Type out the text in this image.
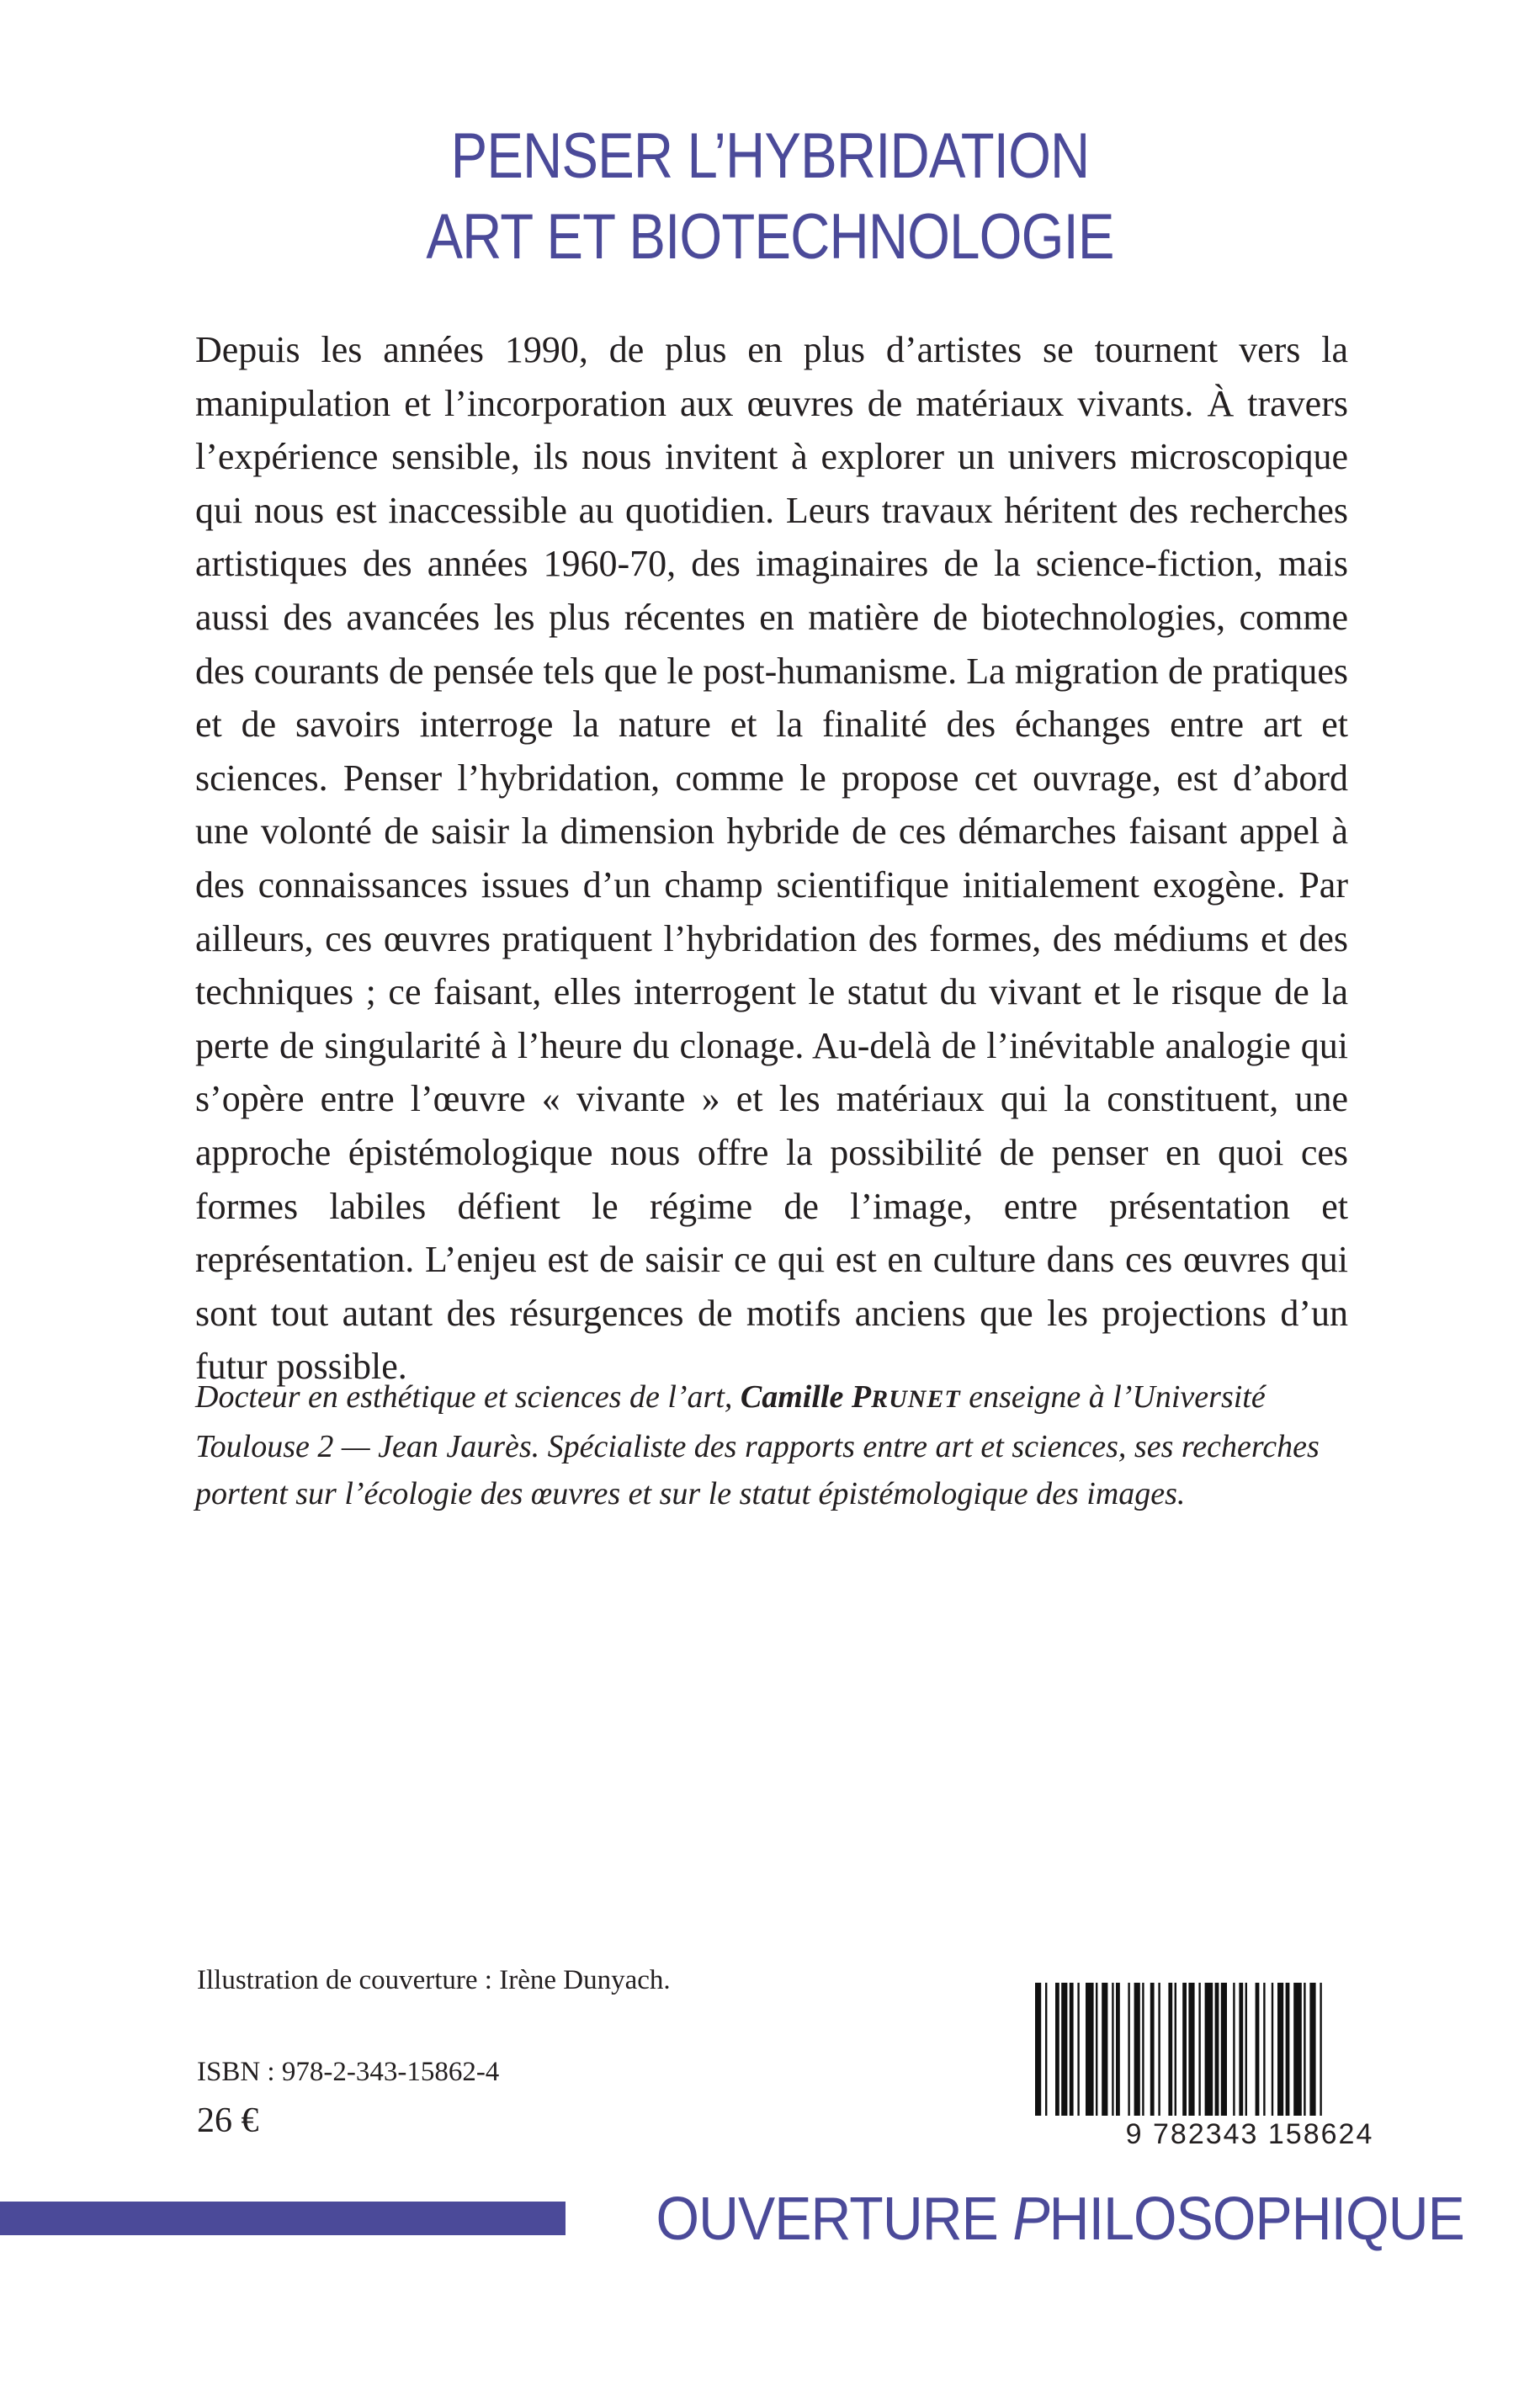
PENSER L’HYBRIDATION
ART ET BIOTECHNOLOGIE

Depuis les années 1990, de plus en plus d’artistes se tournent vers la manipulation et l’incorporation aux œuvres de matériaux vivants. À travers l’expérience sensible, ils nous invitent à explorer un univers microscopique qui nous est inaccessible au quotidien. Leurs travaux héritent des recherches artistiques des années 1960-70, des imaginaires de la science-fiction, mais aussi des avancées les plus récentes en matière de biotechnologies, comme des courants de pensée tels que le post-humanisme. La migration de pratiques et de savoirs interroge la nature et la finalité des échanges entre art et sciences. Penser l’hybridation, comme le propose cet ouvrage, est d’abord une volonté de saisir la dimension hybride de ces démarches faisant appel à des connaissances issues d’un champ scientifique initialement exogène. Par ailleurs, ces œuvres pratiquent l’hybridation des formes, des médiums et des techniques ; ce faisant, elles interrogent le statut du vivant et le risque de la perte de singularité à l’heure du clonage. Au-delà de l’inévitable analogie qui s’opère entre l’œuvre « vivante » et les matériaux qui la constituent, une approche épistémologique nous offre la possibilité de penser en quoi ces formes labiles défient le régime de l’image, entre présentation et représentation. L’enjeu est de saisir ce qui est en culture dans ces œuvres qui sont tout autant des résurgences de motifs anciens que les projections d’un futur possible.

Docteur en esthétique et sciences de l’art, Camille PRUNET enseigne à l’Université
Toulouse 2 — Jean Jaurès. Spécialiste des rapports entre art et sciences, ses recherches
portent sur l’écologie des œuvres et sur le statut épistémologique des images.

Illustration de couverture : Irène Dunyach.
ISBN : 978-2-343-15862-4
26 €	9 782343 158624
OUVERTURE PHILOSOPHIQUE
